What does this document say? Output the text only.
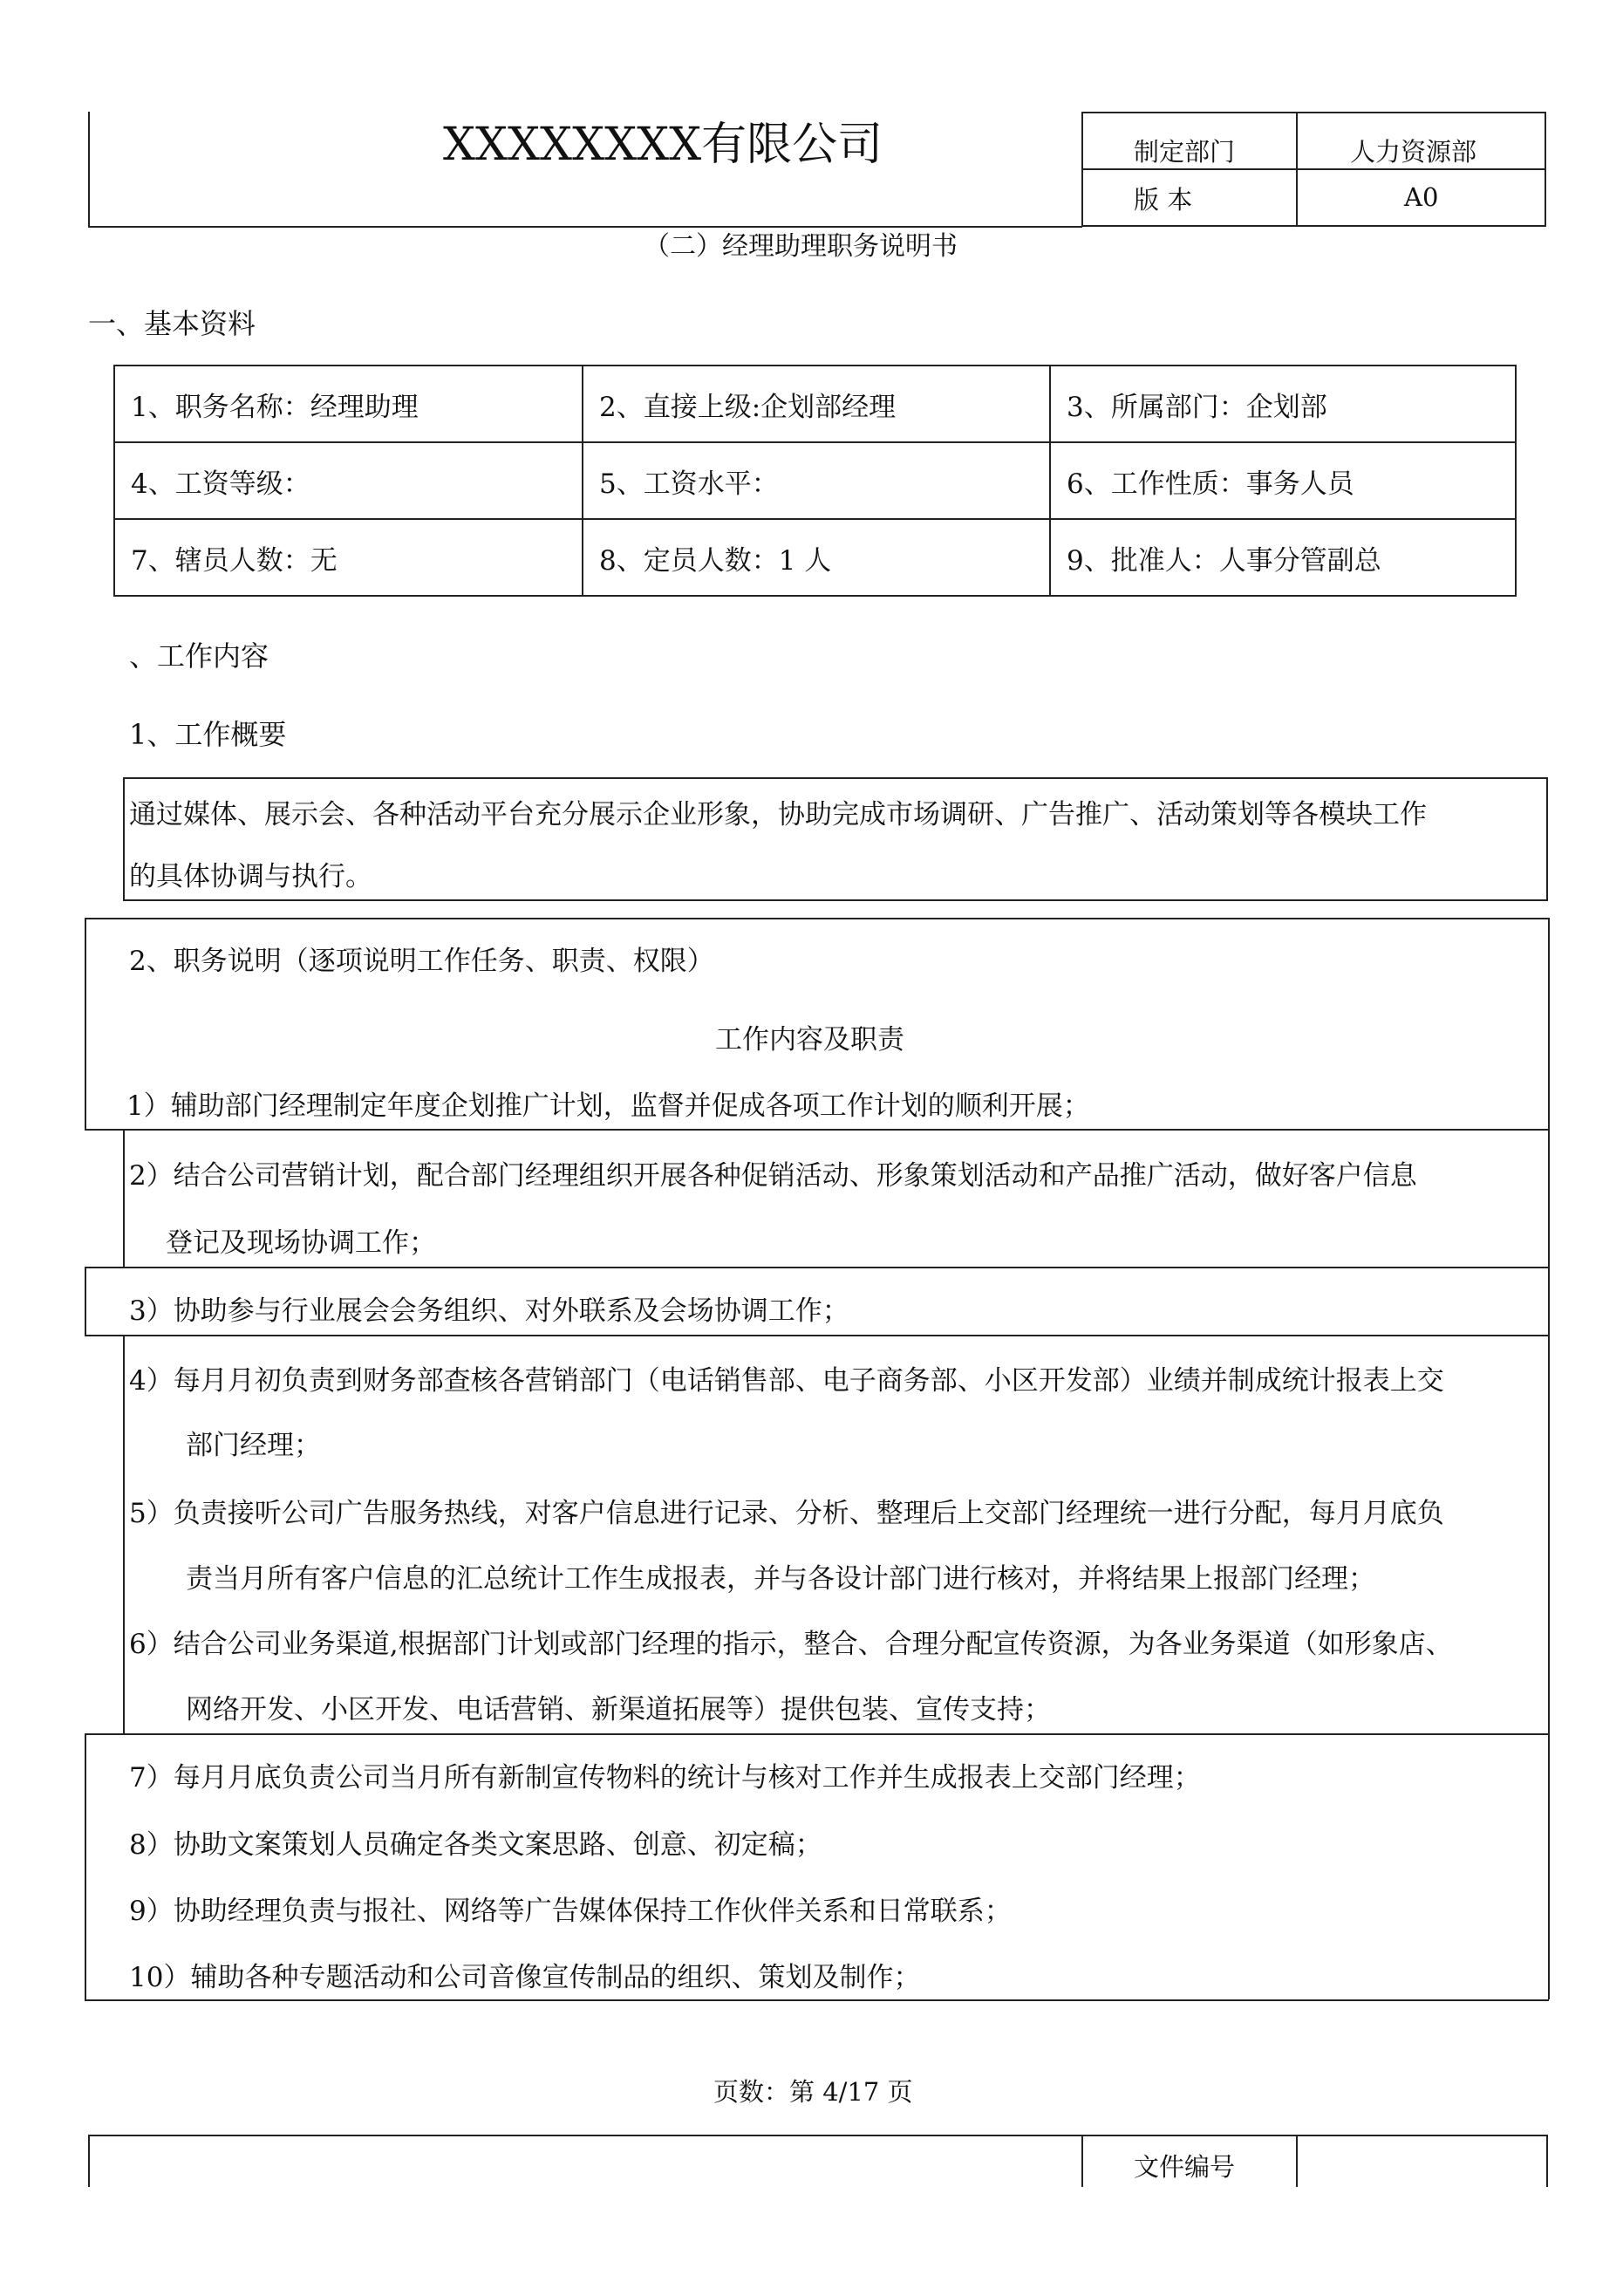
XXXXXXXX有限公司	制定部门	人力资源部
版 本	A0
（二）经理助理职务说明书
一、基本资料
1、职务名称：经理助理	2、直接上级:企划部经理	3、所属部门：企划部
4、工资等级：	5、工资水平：	6、工作性质：事务人员
7、辖员人数：无	8、定员人数：1 人	9、批准人：人事分管副总
、工作内容
1、工作概要
通过媒体、展示会、各种活动平台充分展示企业形象，协助完成市场调研、广告推广、活动策划等各模块工作
的具体协调与执行。
2、职务说明（逐项说明工作任务、职责、权限）
工作内容及职责
1）辅助部门经理制定年度企划推广计划，监督并促成各项工作计划的顺利开展；
2）结合公司营销计划，配合部门经理组织开展各种促销活动、形象策划活动和产品推广活动，做好客户信息
登记及现场协调工作；
3）协助参与行业展会会务组织、对外联系及会场协调工作；
4）每月月初负责到财务部查核各营销部门（电话销售部、电子商务部、小区开发部）业绩并制成统计报表上交
部门经理；
5）负责接听公司广告服务热线，对客户信息进行记录、分析、整理后上交部门经理统一进行分配，每月月底负
责当月所有客户信息的汇总统计工作生成报表，并与各设计部门进行核对，并将结果上报部门经理；
6）结合公司业务渠道,根据部门计划或部门经理的指示，整合、合理分配宣传资源，为各业务渠道（如形象店、
网络开发、小区开发、电话营销、新渠道拓展等）提供包装、宣传支持；
7）每月月底负责公司当月所有新制宣传物料的统计与核对工作并生成报表上交部门经理；
8）协助文案策划人员确定各类文案思路、创意、初定稿；
9）协助经理负责与报社、网络等广告媒体保持工作伙伴关系和日常联系；
10）辅助各种专题活动和公司音像宣传制品的组织、策划及制作；
页数：第 4/17 页
文件编号
